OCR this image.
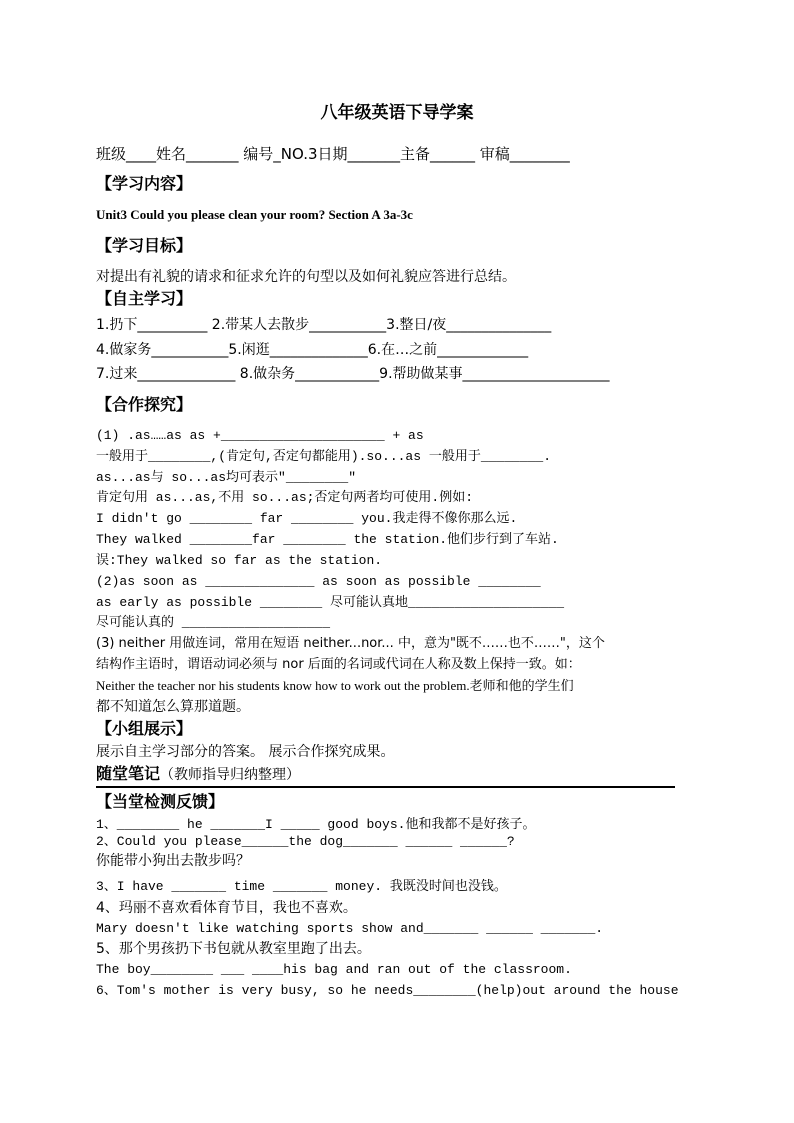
八年级英语下导学案
班级____姓名_______ 编号_NO.3日期_______主备______ 审稿________
【学习内容】
Unit3 Could you please clean your room? Section A 3a-3c
【学习目标】
对提出有礼貌的请求和征求允许的句型以及如何礼貌应答进行总结。
【自主学习】
1.扔下__________ 2.带某人去散步___________3.整日/夜_______________
4.做家务___________5.闲逛______________6.在…之前_____________
7.过来______________ 8.做杂务____________9.帮助做某事_____________________
【合作探究】
(1) .as……as as +_____________________ + as
一般用于________,(肯定句,否定句都能用).so...as 一般用于________.
as...as与 so...as均可表示"________"
肯定句用 as...as,不用 so...as;否定句两者均可使用.例如:
I didn't go ________ far ________ you.我走得不像你那么远.
They walked ________far ________ the station.他们步行到了车站.
误:They walked so far as the station.
(2)as soon as ______________ as soon as possible ________
as early as possible ________ 尽可能认真地____________________
尽可能认真的 ___________________
(3) neither 用做连词，常用在短语 neither...nor... 中，意为"既不……也不……"，这个
结构作主语时，谓语动词必须与 nor 后面的名词或代词在人称及数上保持一致。如：
Neither the teacher nor his students know how to work out the problem.老师和他的学生们
都不知道怎么算那道题。
【小组展示】
展示自主学习部分的答案。 展示合作探究成果。
随堂笔记（教师指导归纳整理）
【当堂检测反馈】
1、________ he _______I _____ good boys.他和我都不是好孩子。
2、Could you please______the dog_______ ______ ______?
你能带小狗出去散步吗？
3、I have _______ time _______ money. 我既没时间也没钱。
4、玛丽不喜欢看体育节目，我也不喜欢。
Mary doesn't like watching sports show and_______ ______ _______.
5、那个男孩扔下书包就从教室里跑了出去。
The boy________ ___ ____his bag and ran out of the classroom.
6、Tom's mother is very busy, so he needs________(help)out around the house
